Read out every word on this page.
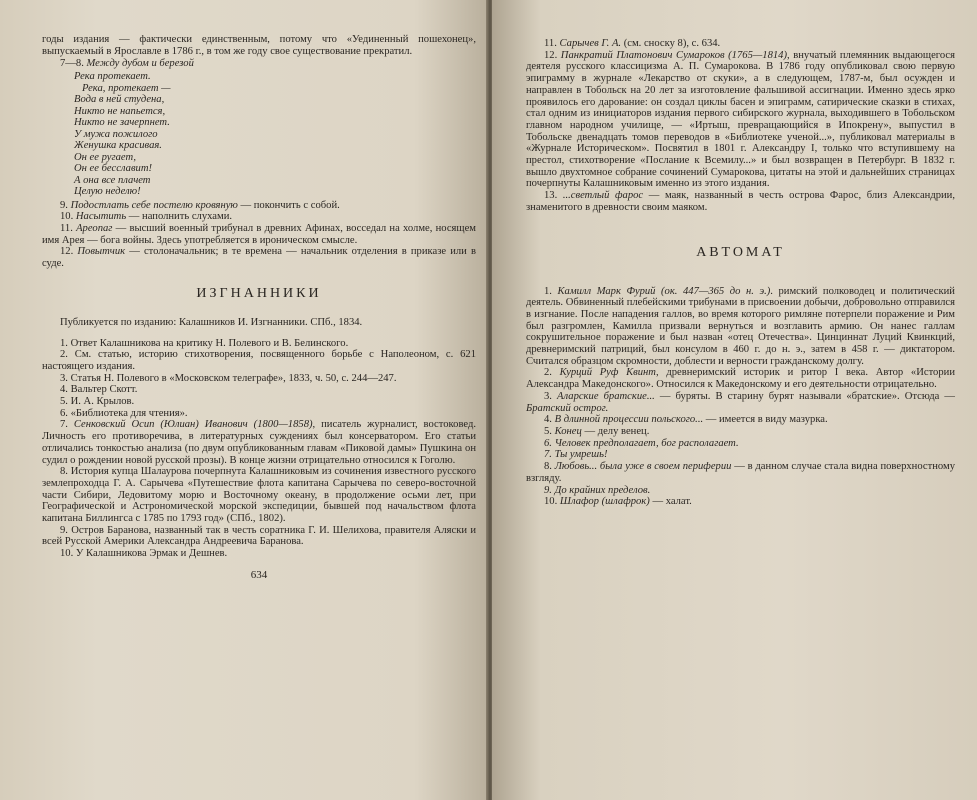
годы издания — фактически единственным, потому что «Уединенный пошехонец», выпускаемый в Ярославле в 1786 г., в том же году свое существование прекратил.

7—8. Между дубом и березой

Река протекает.

Река, протекает —

Вода в ней студена,

Никто не напьется,

Никто не зачерпнет.

У мужа пожилого

Женушка красивая.

Он ее ругает,

Он ее бесславит!

А она все плачет

Целую неделю!

9. Подостлать себе постелю кровяную — покончить с собой.

10. Насытить — наполнить слухами.

11. Ареопаг — высший военный трибунал в древних Афинах, восседал на холме, носящем имя Арея — бога войны. Здесь употребляется в ироническом смысле.

12. Повытчик — столоначальник; в те времена — начальник отделения в приказе или в суде.

ИЗГНАННИКИ

Публикуется по изданию: Калашников И. Изгнанники. СПб., 1834.

1. Ответ Калашникова на критику Н. Полевого и В. Белинского.

2. См. статью, историю стихотворения, посвященного борьбе с Наполеоном, с. 621 настоящего издания.

3. Статья Н. Полевого в «Московском телеграфе», 1833, ч. 50, с. 244—247.

4. Вальтер Скотт.

5. И. А. Крылов.

6. «Библиотека для чтения».

7. Сенковский Осип (Юлиан) Иванович (1800—1858), писатель журналист, востоковед. Личность его противоречива, в литературных суждениях был консерватором. Его статьи отличались тонкостью анализа (по двум опубликованным главам «Пиковой дамы» Пушкина он судил о рождении новой русской прозы). В конце жизни отрицательно относился к Гоголю.

8. История купца Шалаурова почерпнута Калашниковым из сочинения известного русского землепроходца Г. А. Сарычева «Путешествие флота капитана Сарычева по северо-восточной части Сибири, Ледовитому морю и Восточному океану, в продолжение осьми лет, при Географической и Астрономической морской экспедиции, бывшей под начальством флота капитана Биллингса с 1785 по 1793 год» (СПб., 1802).

9. Остров Баранова, названный так в честь соратника Г. И. Шелихова, правителя Аляски и всей Русской Америки Александра Андреевича Баранова.

10. У Калашникова Эрмак и Дешнев.

634

11. Сарычев Г. А. (см. сноску 8), с. 634.

12. Панкратий Платонович Сумароков (1765—1814), внучатый племянник выдающегося деятеля русского классицизма А. П. Сумарокова. В 1786 году опубликовал свою первую эпиграмму в журнале «Лекарство от скуки», а в следующем, 1787-м, был осужден и направлен в Тобольск на 20 лет за изготовление фальшивой ассигнации. Именно здесь ярко проявилось его дарование: он создал циклы басен и эпиграмм, сатирические сказки в стихах, стал одним из инициаторов издания первого сибирского журнала, выходившего в Тобольском главном народном училище, — «Иртыш, превращающийся в Ипокрену», выпустил в Тобольске двенадцать томов переводов в «Библиотеке ученой...», публиковал материалы в «Журнале Историческом». Посвятил в 1801 г. Александру I, только что вступившему на престол, стихотворение «Послание к Всемилу...» и был возвращен в Петербург. В 1832 г. вышло двухтомное собрание сочинений Сумарокова, цитаты на этой и дальнейших страницах почерпнуты Калашниковым именно из этого издания.

13. ...светлый фарос — маяк, названный в честь острова Фарос, близ Александрии, знаменитого в древности своим маяком.

АВТОМАТ

1. Камилл Марк Фурий (ок. 447—365 до н. э.). римский полководец и политический деятель. Обвиненный плебейскими трибунами в присвоении добычи, добровольно отправился в изгнание. После нападения галлов, во время которого римляне потерпели поражение и Рим был разгромлен, Камилла призвали вернуться и возглавить армию. Он нанес галлам сокрушительное поражение и был назван «отец Отечества». Цинциннат Луций Квинкций, древнеримский патриций, был консулом в 460 г. до н. э., затем в 458 г. — диктатором. Считался образцом скромности, доблести и верности гражданскому долгу.

2. Курций Руф Квинт, древнеримский историк и ритор I века. Автор «Истории Александра Македонского». Относился к Македонскому и его деятельности отрицательно.

3. Аларские братские... — буряты. В старину бурят называли «братские». Отсюда — Братский острог.

4. В длинной процессии польского... — имеется в виду мазурка.

5. Конец — делу венец.

6. Человек предполагает, бог располагает.

7. Ты умрешь!

8. Любовь... была уже в своем периферии — в данном случае стала видна поверхностному взгляду.

9. До крайних пределов.

10. Шлафор (шлафрок) — халат.
